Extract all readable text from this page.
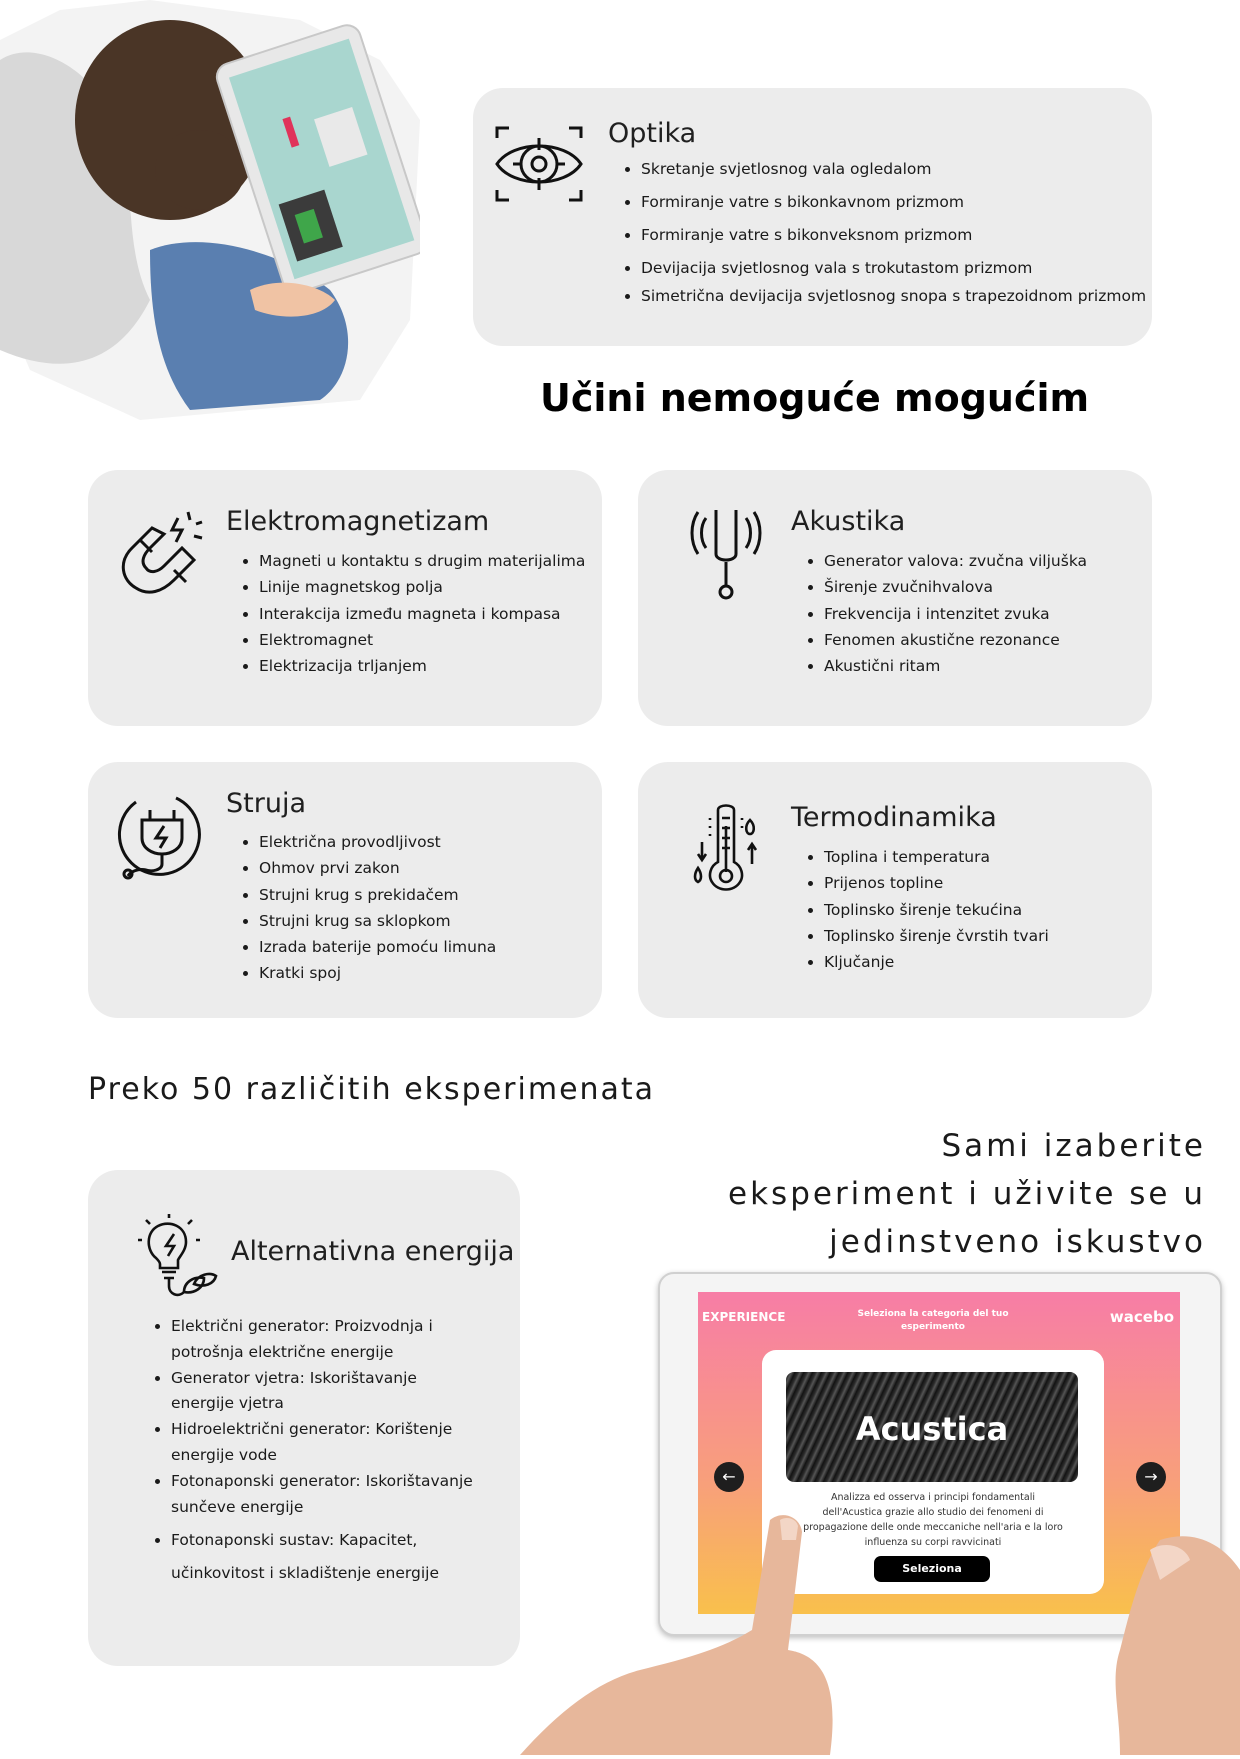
Optika
• Skretanje svjetlosnog vala ogledalom
• Formiranje vatre s bikonkavnom prizmom
• Formiranje vatre s bikonveksnom prizmom
• Devijacija svjetlosnog vala s trokutastom prizmom
• Simetrična devijacija svjetlosnog snopa s trapezoidnom prizmom
Učini nemoguće mogućim
Elektromagnetizam
• Magneti u kontaktu s drugim materijalima
• Linije magnetskog polja
• Interakcija između magneta i kompasa
• Elektromagnet
• Elektrizacija trljanjem
Akustika
• Generator valova: zvučna viljuška
• Širenje zvučnihvalova
• Frekvencija i intenzitet zvuka
• Fenomen akustične rezonance
• Akustični ritam
Struja
• Električna provodljivost
• Ohmov prvi zakon
• Strujni krug s prekidačem
• Strujni krug sa sklopkom
• Izrada baterije pomoću limuna
• Kratki spoj
Termodinamika
• Toplina i temperatura
• Prijenos topline
• Toplinsko širenje tekućina
• Toplinsko širenje čvrstih tvari
• Ključanje
Preko 50 različitih eksperimenata
Sami izaberite
eksperiment i uživite se u
jedinstveno iskustvo
Alternativna energija
• Električni generator: Proizvodnja i potrošnja električne energije
• Generator vjetra: Iskorištavanje energije vjetra
• Hidroelektrični generator: Korištenje energije vode
• Fotonaponski generator: Iskorištavanje sunčeve energije
• Fotonaponski sustav: Kapacitet, učinkovitost i skladištenje energije
EXPERIENCE	Seleziona la categoria del tuo esperimento
wacebo
←	→
Acustica
Analizza ed osserva i principi fondamentali dell'Acustica grazie allo studio dei fenomeni di propagazione delle onde meccaniche nell'aria e la loro influenza su corpi ravvicinati
Seleziona
